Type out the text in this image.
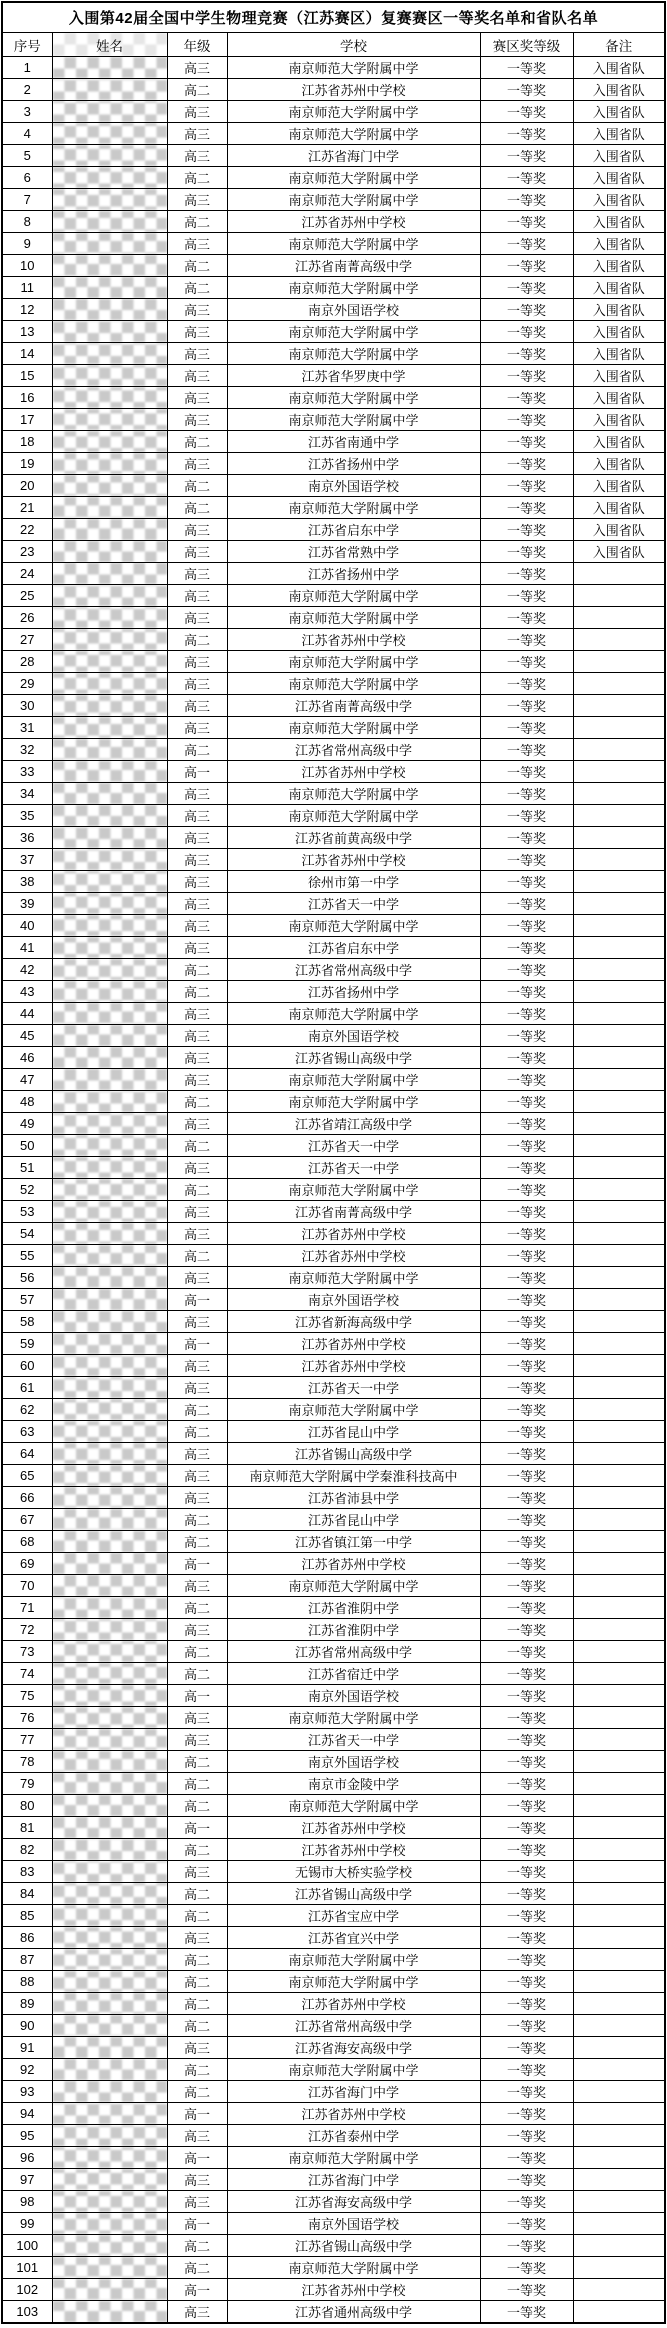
入围第42届全国中学生物理竞赛（江苏赛区）复赛赛区一等奖名单和省队名单					
序号	姓名	年级	学校	赛区奖等级	备注
1		高三	南京师范大学附属中学	一等奖	入围省队
2		高二	江苏省苏州中学校	一等奖	入围省队
3		高三	南京师范大学附属中学	一等奖	入围省队
4		高三	南京师范大学附属中学	一等奖	入围省队
5		高三	江苏省海门中学	一等奖	入围省队
6		高二	南京师范大学附属中学	一等奖	入围省队
7		高三	南京师范大学附属中学	一等奖	入围省队
8		高二	江苏省苏州中学校	一等奖	入围省队
9		高三	南京师范大学附属中学	一等奖	入围省队
10		高二	江苏省南菁高级中学	一等奖	入围省队
11		高二	南京师范大学附属中学	一等奖	入围省队
12		高三	南京外国语学校	一等奖	入围省队
13		高三	南京师范大学附属中学	一等奖	入围省队
14		高三	南京师范大学附属中学	一等奖	入围省队
15		高三	江苏省华罗庚中学	一等奖	入围省队
16		高三	南京师范大学附属中学	一等奖	入围省队
17		高三	南京师范大学附属中学	一等奖	入围省队
18		高二	江苏省南通中学	一等奖	入围省队
19		高三	江苏省扬州中学	一等奖	入围省队
20		高二	南京外国语学校	一等奖	入围省队
21		高二	南京师范大学附属中学	一等奖	入围省队
22		高三	江苏省启东中学	一等奖	入围省队
23		高三	江苏省常熟中学	一等奖	入围省队
24		高三	江苏省扬州中学	一等奖	
25		高三	南京师范大学附属中学	一等奖	
26		高三	南京师范大学附属中学	一等奖	
27		高二	江苏省苏州中学校	一等奖	
28		高三	南京师范大学附属中学	一等奖	
29		高三	南京师范大学附属中学	一等奖	
30		高三	江苏省南菁高级中学	一等奖	
31		高三	南京师范大学附属中学	一等奖	
32		高二	江苏省常州高级中学	一等奖	
33		高一	江苏省苏州中学校	一等奖	
34		高三	南京师范大学附属中学	一等奖	
35		高三	南京师范大学附属中学	一等奖	
36		高三	江苏省前黄高级中学	一等奖	
37		高三	江苏省苏州中学校	一等奖	
38		高三	徐州市第一中学	一等奖	
39		高三	江苏省天一中学	一等奖	
40		高三	南京师范大学附属中学	一等奖	
41		高三	江苏省启东中学	一等奖	
42		高二	江苏省常州高级中学	一等奖	
43		高二	江苏省扬州中学	一等奖	
44		高三	南京师范大学附属中学	一等奖	
45		高三	南京外国语学校	一等奖	
46		高三	江苏省锡山高级中学	一等奖	
47		高三	南京师范大学附属中学	一等奖	
48		高二	南京师范大学附属中学	一等奖	
49		高三	江苏省靖江高级中学	一等奖	
50		高二	江苏省天一中学	一等奖	
51		高三	江苏省天一中学	一等奖	
52		高二	南京师范大学附属中学	一等奖	
53		高三	江苏省南菁高级中学	一等奖	
54		高三	江苏省苏州中学校	一等奖	
55		高二	江苏省苏州中学校	一等奖	
56		高三	南京师范大学附属中学	一等奖	
57		高一	南京外国语学校	一等奖	
58		高三	江苏省新海高级中学	一等奖	
59		高一	江苏省苏州中学校	一等奖	
60		高三	江苏省苏州中学校	一等奖	
61		高三	江苏省天一中学	一等奖	
62		高二	南京师范大学附属中学	一等奖	
63		高二	江苏省昆山中学	一等奖	
64		高三	江苏省锡山高级中学	一等奖	
65		高三	南京师范大学附属中学秦淮科技高中	一等奖	
66		高三	江苏省沛县中学	一等奖	
67		高二	江苏省昆山中学	一等奖	
68		高二	江苏省镇江第一中学	一等奖	
69		高一	江苏省苏州中学校	一等奖	
70		高三	南京师范大学附属中学	一等奖	
71		高二	江苏省淮阴中学	一等奖	
72		高三	江苏省淮阴中学	一等奖	
73		高二	江苏省常州高级中学	一等奖	
74		高二	江苏省宿迁中学	一等奖	
75		高一	南京外国语学校	一等奖	
76		高三	南京师范大学附属中学	一等奖	
77		高三	江苏省天一中学	一等奖	
78		高二	南京外国语学校	一等奖	
79		高二	南京市金陵中学	一等奖	
80		高二	南京师范大学附属中学	一等奖	
81		高一	江苏省苏州中学校	一等奖	
82		高二	江苏省苏州中学校	一等奖	
83		高三	无锡市大桥实验学校	一等奖	
84		高二	江苏省锡山高级中学	一等奖	
85		高二	江苏省宝应中学	一等奖	
86		高三	江苏省宜兴中学	一等奖	
87		高二	南京师范大学附属中学	一等奖	
88		高二	南京师范大学附属中学	一等奖	
89		高二	江苏省苏州中学校	一等奖	
90		高二	江苏省常州高级中学	一等奖	
91		高三	江苏省海安高级中学	一等奖	
92		高二	南京师范大学附属中学	一等奖	
93		高二	江苏省海门中学	一等奖	
94		高一	江苏省苏州中学校	一等奖	
95		高三	江苏省泰州中学	一等奖	
96		高一	南京师范大学附属中学	一等奖	
97		高三	江苏省海门中学	一等奖	
98		高三	江苏省海安高级中学	一等奖	
99		高一	南京外国语学校	一等奖	
100		高二	江苏省锡山高级中学	一等奖	
101		高二	南京师范大学附属中学	一等奖	
102		高一	江苏省苏州中学校	一等奖	
103		高三	江苏省通州高级中学	一等奖	
